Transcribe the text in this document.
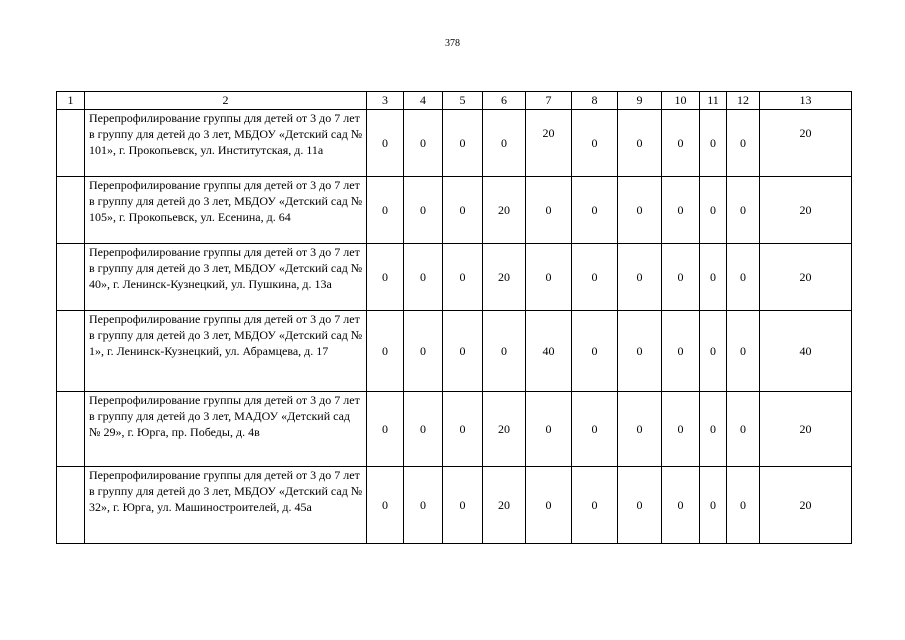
378
1	2	3	4	5	6	7	8	9	10	11	12	13
	Перепрофилирование группы для детей от 3 до 7 лет в группу для детей до 3 лет, МБДОУ «Детский сад № 101», г. Прокопьевск, ул. Институтская, д. 11а	0	0	0	0	20	0	0	0	0	0	20
	Перепрофилирование группы для детей от 3 до 7 лет в группу для детей до 3 лет, МБДОУ «Детский сад № 105», г. Прокопьевск, ул. Есенина, д. 64	0	0	0	20	0	0	0	0	0	0	20
	Перепрофилирование группы для детей от 3 до 7 лет в группу для детей до 3 лет, МБДОУ «Детский сад № 40», г. Ленинск-Кузнецкий, ул. Пушкина, д. 13а	0	0	0	20	0	0	0	0	0	0	20
	Перепрофилирование группы для детей от 3 до 7 лет в группу для детей до 3 лет, МБДОУ «Детский сад № 1», г. Ленинск-Кузнецкий, ул. Абрамцева, д. 17	0	0	0	0	40	0	0	0	0	0	40
	Перепрофилирование группы для детей от 3 до 7 лет в группу для детей до 3 лет, МАДОУ «Детский сад № 29», г. Юрга, пр. Победы, д. 4в	0	0	0	20	0	0	0	0	0	0	20
	Перепрофилирование группы для детей от 3 до 7 лет в группу для детей до 3 лет, МБДОУ «Детский сад № 32», г. Юрга, ул. Машиностроителей, д. 45а	0	0	0	20	0	0	0	0	0	0	20
